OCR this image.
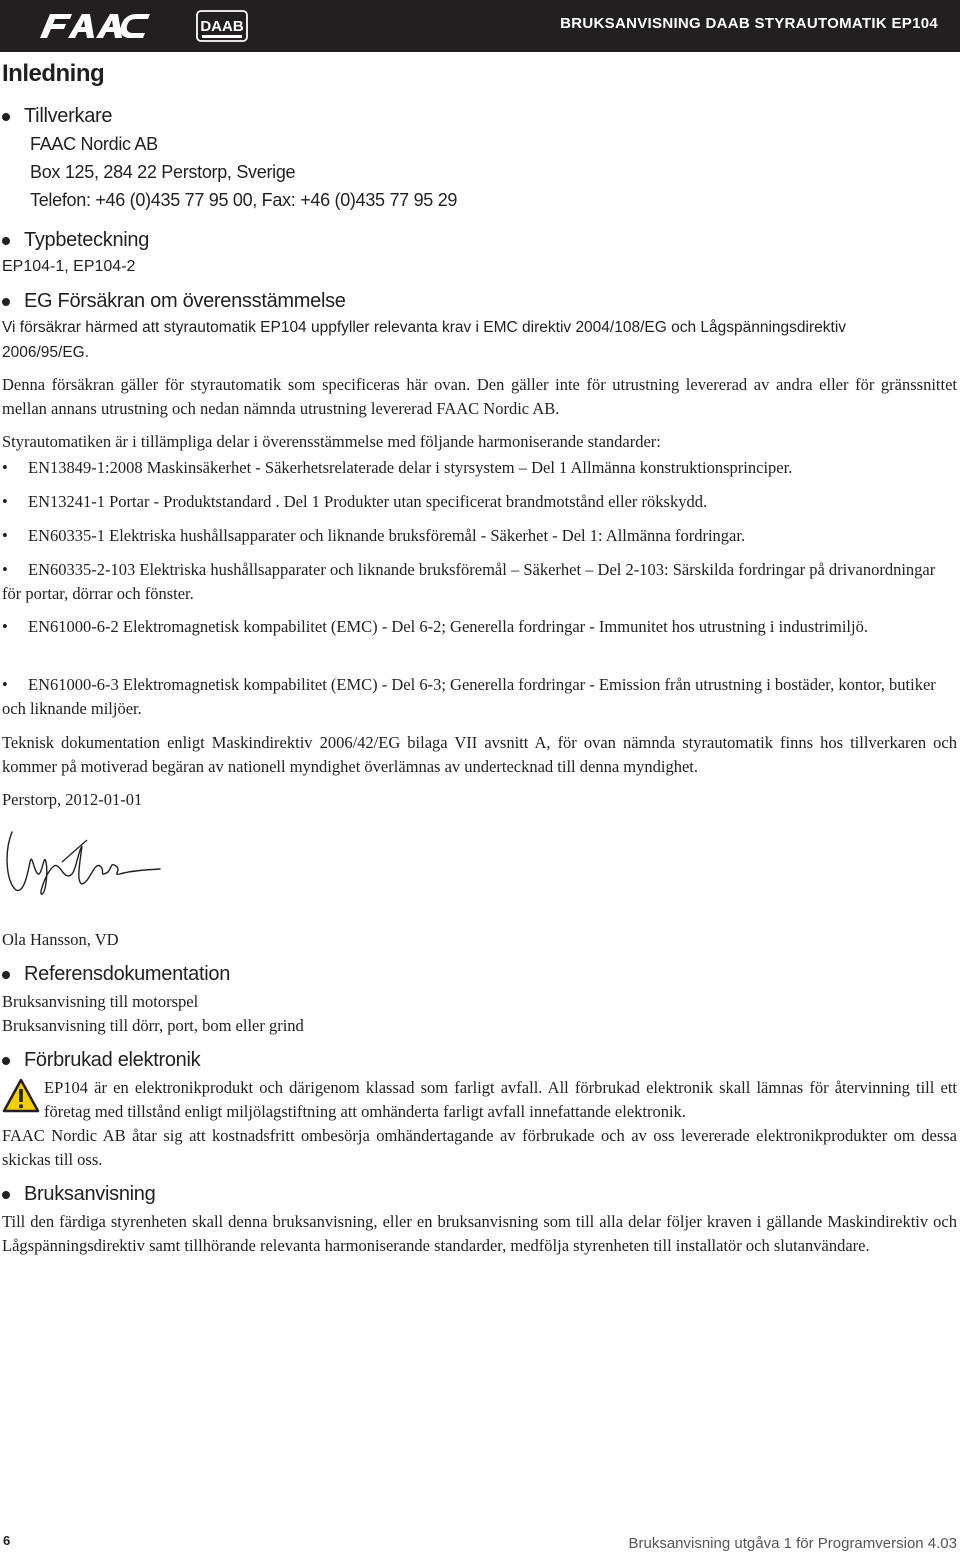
DAAB	BRUKSANVISNING DAAB STYRAUTOMATIK EP104
Inledning
Tillverkare
FAAC Nordic AB
Box 125, 284 22 Perstorp, Sverige
Telefon: +46 (0)435 77 95 00, Fax: +46 (0)435 77 95 29
Typbeteckning
EP104-1, EP104-2
EG Försäkran om överensstämmelse
Vi försäkrar härmed att styrautomatik EP104 uppfyller relevanta krav i EMC direktiv 2004/108/EG och Lågspänningsdirektiv
2006/95/EG.
Denna försäkran gäller för styrautomatik som specificeras här ovan. Den gäller inte för utrustning levererad av andra eller för gränssnittet mellan annans utrustning och nedan nämnda utrustning levererad FAAC Nordic AB.
Styrautomatiken är i tillämpliga delar i överensstämmelse med följande harmoniserande standarder:
• EN13849-1:2008 Maskinsäkerhet - Säkerhetsrelaterade delar i styrsystem – Del 1 Allmänna konstruktionsprinciper.
• EN13241-1 Portar - Produktstandard . Del 1 Produkter utan specificerat brandmotstånd eller rökskydd.
• EN60335-1 Elektriska hushållsapparater och liknande bruksföremål - Säkerhet - Del 1: Allmänna fordringar.
• EN60335-2-103 Elektriska hushållsapparater och liknande bruksföremål – Säkerhet – Del 2-103: Särskilda fordringar på drivanordningar för portar, dörrar och fönster.
• EN61000-6-2 Elektromagnetisk kompabilitet (EMC) - Del 6-2; Generella fordringar - Immunitet hos utrustning i industrimiljö.
• EN61000-6-3 Elektromagnetisk kompabilitet (EMC) - Del 6-3; Generella fordringar - Emission från utrustning i bostäder, kontor, butiker och liknande miljöer.
Teknisk dokumentation enligt Maskindirektiv 2006/42/EG bilaga VII avsnitt A, för ovan nämnda styrautomatik finns hos tillverkaren och kommer på motiverad begäran av nationell myndighet överlämnas av undertecknad till denna myndighet.
Perstorp, 2012-01-01
Ola Hansson, VD
Referensdokumentation
Bruksanvisning till motorspel
Bruksanvisning till dörr, port, bom eller grind
Förbrukad elektronik
EP104 är en elektronikprodukt och därigenom klassad som farligt avfall. All förbrukad elektronik skall lämnas för återvinning till ett företag med tillstånd enligt miljölagstiftning att omhänderta farligt avfall innefattande elektronik.
FAAC Nordic AB åtar sig att kostnadsfritt ombesörja omhändertagande av förbrukade och av oss levererade elektronikprodukter om dessa skickas till oss.
Bruksanvisning
Till den färdiga styrenheten skall denna bruksanvisning, eller en bruksanvisning som till alla delar följer kraven i gällande Maskindirektiv och Lågspänningsdirektiv samt tillhörande relevanta harmoniserande standarder, medfölja styrenheten till installatör och slutanvändare.
6	Bruksanvisning utgåva 1 för Programversion 4.03
